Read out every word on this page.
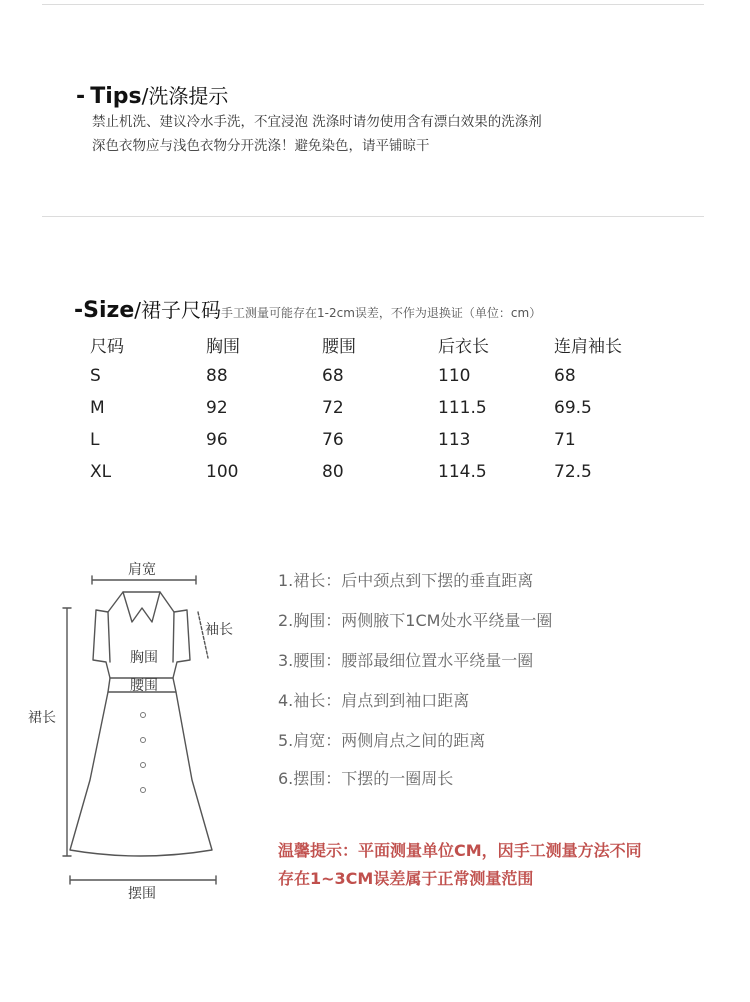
- Tips/洗涤提示
禁止机洗、建议冷水手洗，不宜浸泡 洗涤时请勿使用含有漂白效果的洗涤剂
深色衣物应与浅色衣物分开洗涤！避免染色，请平铺晾干
-Size/裙子尺码手工测量可能存在1-2cm误差，不作为退换证（单位：cm）
尺码	胸围	腰围	后衣长	连肩袖长
S	88	68	110	68
M	92	72	111.5	69.5
L	96	76	113	71
XL	100	80	114.5	72.5
肩宽
袖长
胸围
腰围
裙长
摆围
1.裙长：后中颈点到下摆的垂直距离
2.胸围：两侧腋下1CM处水平绕量一圈
3.腰围：腰部最细位置水平绕量一圈
4.袖长：肩点到到袖口距离
5.肩宽：两侧肩点之间的距离
6.摆围：下摆的一圈周长
温馨提示：平面测量单位CM，因手工测量方法不同
存在1~3CM误差属于正常测量范围
